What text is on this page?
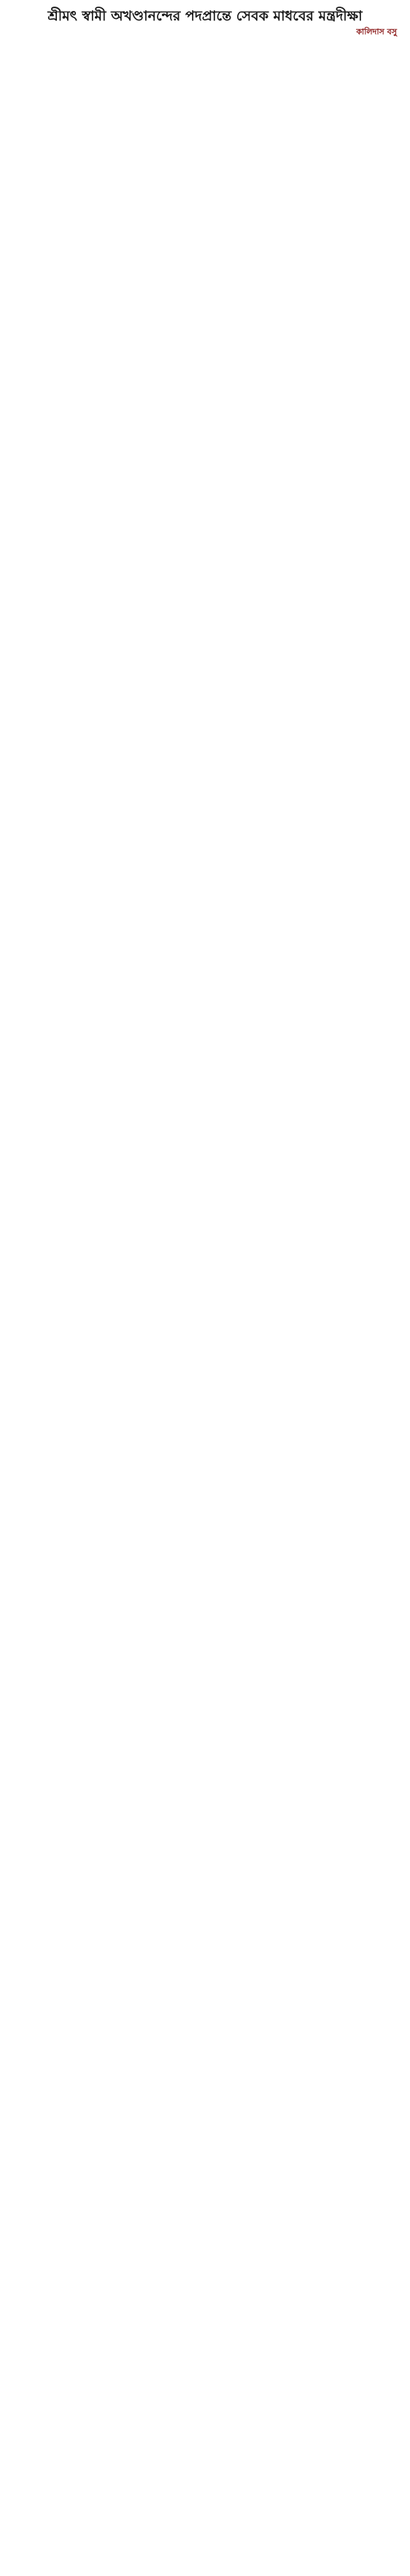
শ্রীমৎ স্বামী অখণ্ডানন্দের পদপ্রান্তে সেবক মাধবের মন্ত্রদীক্ষা
কালিদাস বসু
